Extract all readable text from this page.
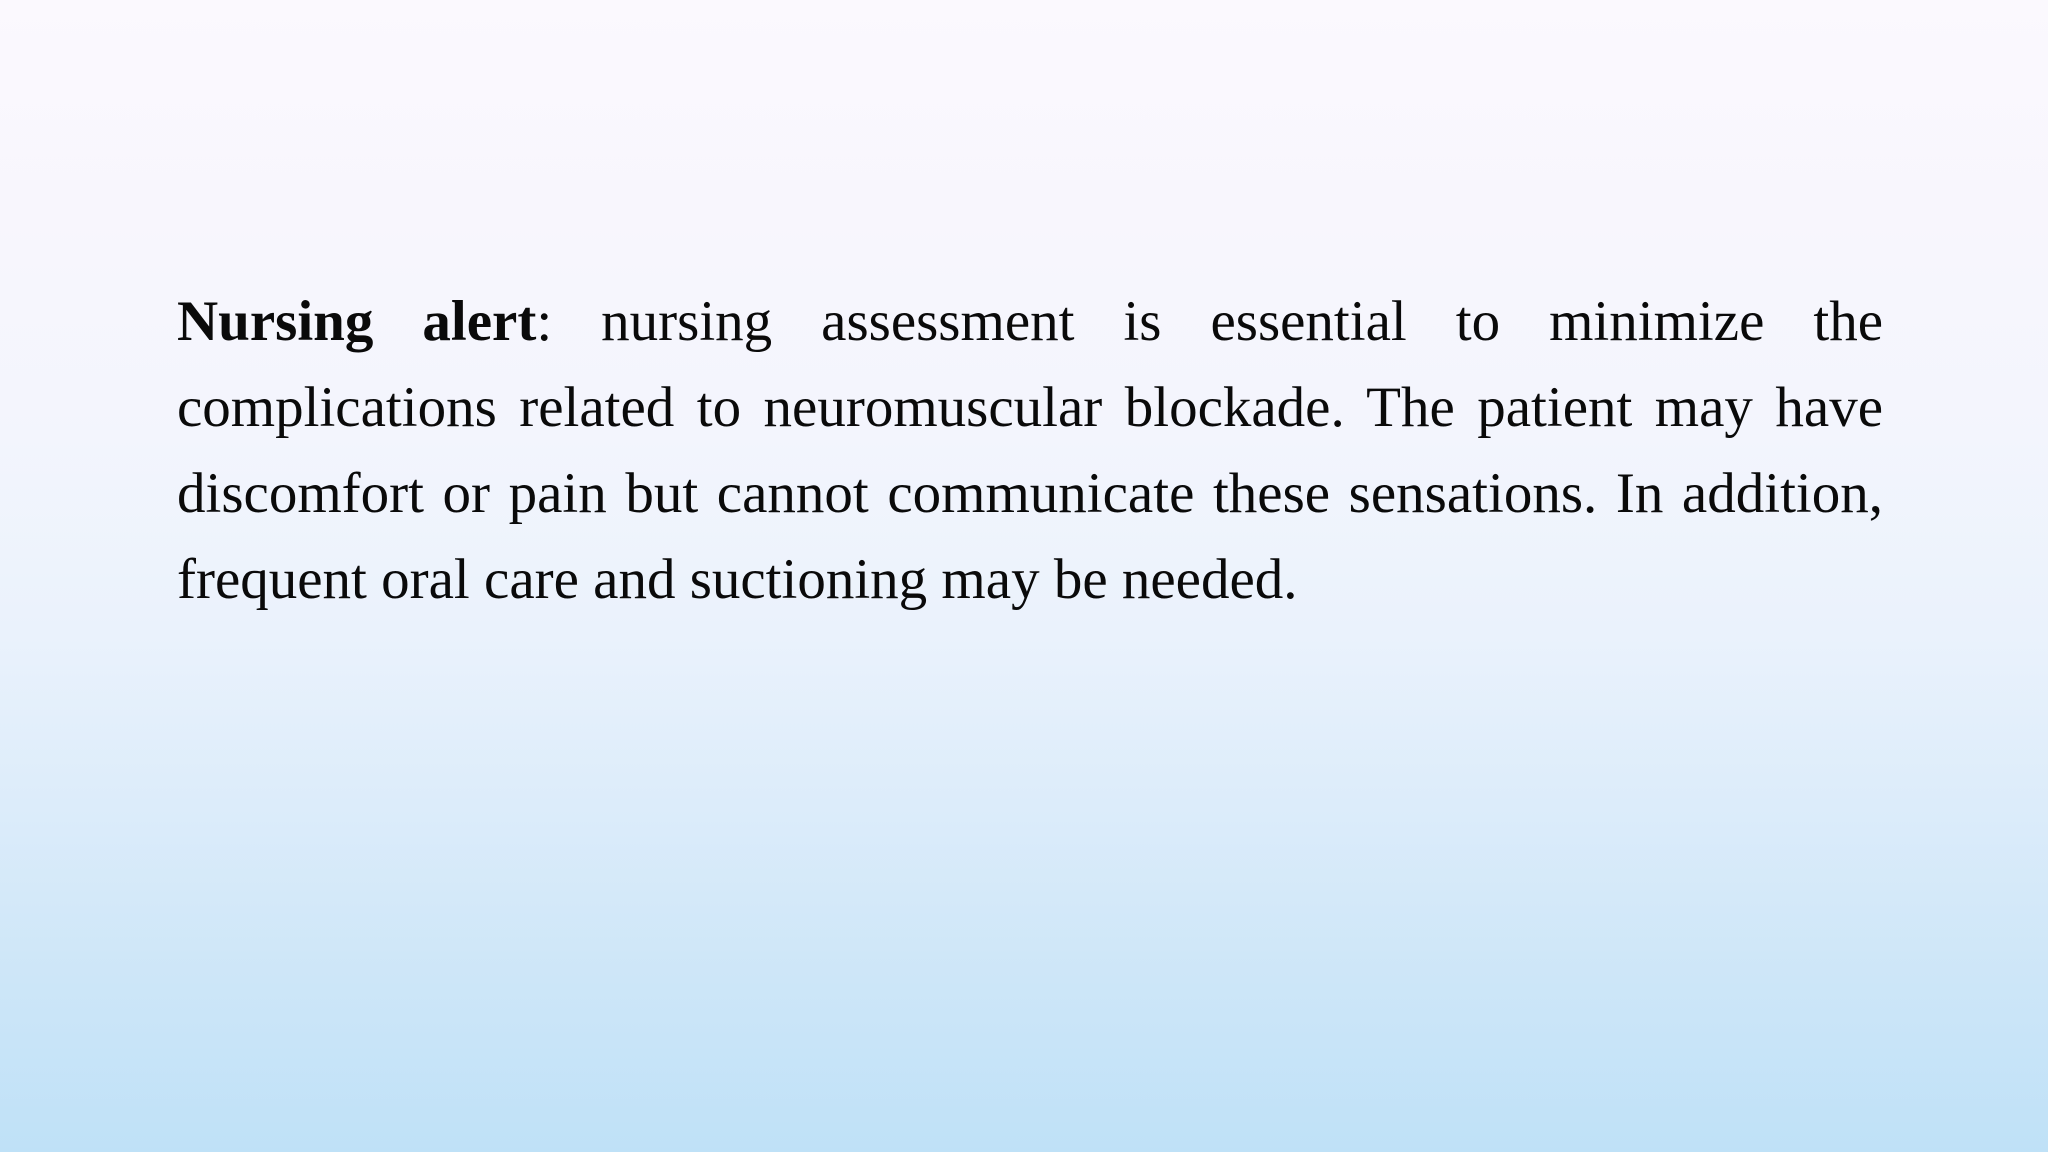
Nursing alert: nursing assessment is essential to minimize the complications related to neuromuscular blockade. The patient may have discomfort or pain but cannot communicate these sensations. In addition, frequent oral care and suctioning may be needed.
